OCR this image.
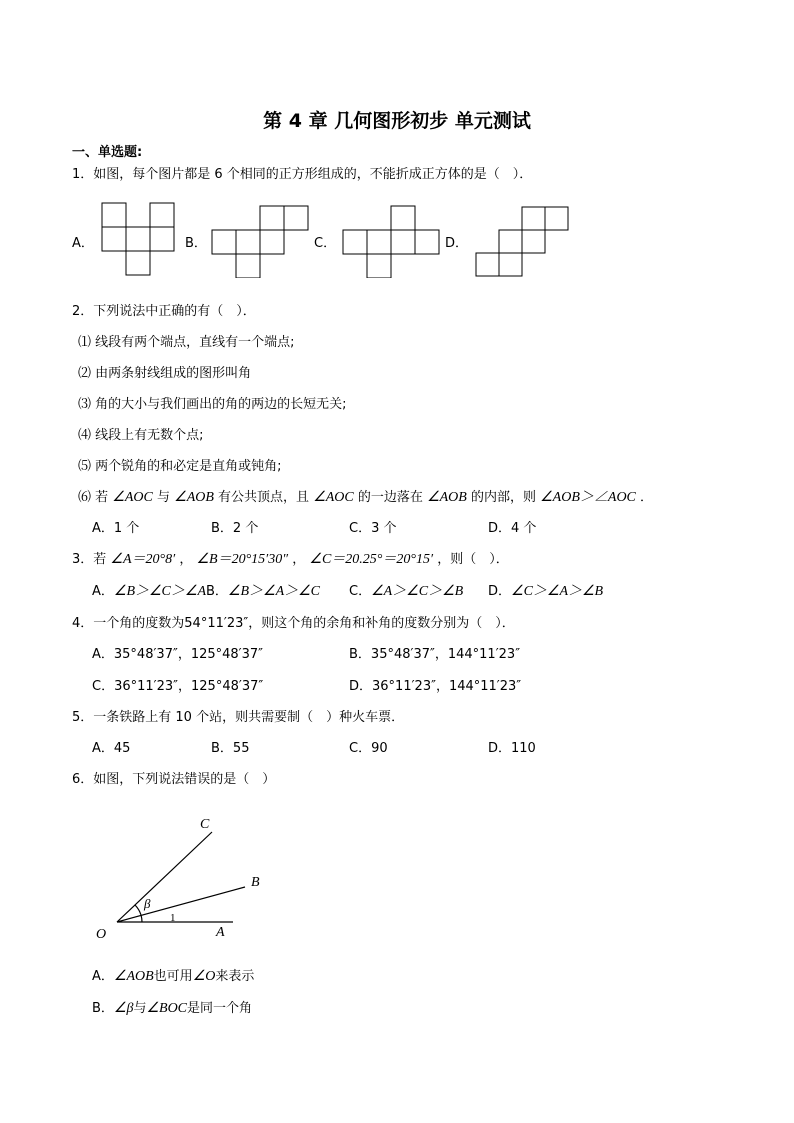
第 4 章 几何图形初步 单元测试
一、单选题:
1．如图，每个图片都是 6 个相同的正方形组成的，不能折成正方体的是（　）．
A．	B．	C．	D．
2．下列说法中正确的有（　）．
⑴ 线段有两个端点，直线有一个端点;
⑵ 由两条射线组成的图形叫角
⑶ 角的大小与我们画出的角的两边的长短无关;
⑷ 线段上有无数个点;
⑸ 两个锐角的和必定是直角或钝角;
⑹ 若 ∠AOC 与 ∠AOB 有公共顶点，且 ∠AOC 的一边落在 ∠AOB 的内部，则 ∠AOB＞∠AOC ．
A．1 个	B．2 个	C．3 个	D．4 个
3．若 ∠A＝20°8′ ， ∠B＝20°15′30″ ， ∠C＝20.25°＝20°15′ ，则（　）．
A．∠B＞∠C＞∠A B．∠B＞∠A＞∠C C．∠A＞∠C＞∠B D．∠C＞∠A＞∠B
4．一个角的度数为54°11′23″，则这个角的余角和补角的度数分别为（　）．
A．35°48′37″，125°48′37″	B．35°48′37″，144°11′23″
C．36°11′23″，125°48′37″	D．36°11′23″，144°11′23″
5．一条铁路上有 10 个站，则共需要制（　）种火车票．
A．45	B．55	C．90	D．110
6．如图，下列说法错误的是（　）
C
B
O	A
β
1
A．∠AOB也可用∠O来表示
B．∠β与∠BOC是同一个角
